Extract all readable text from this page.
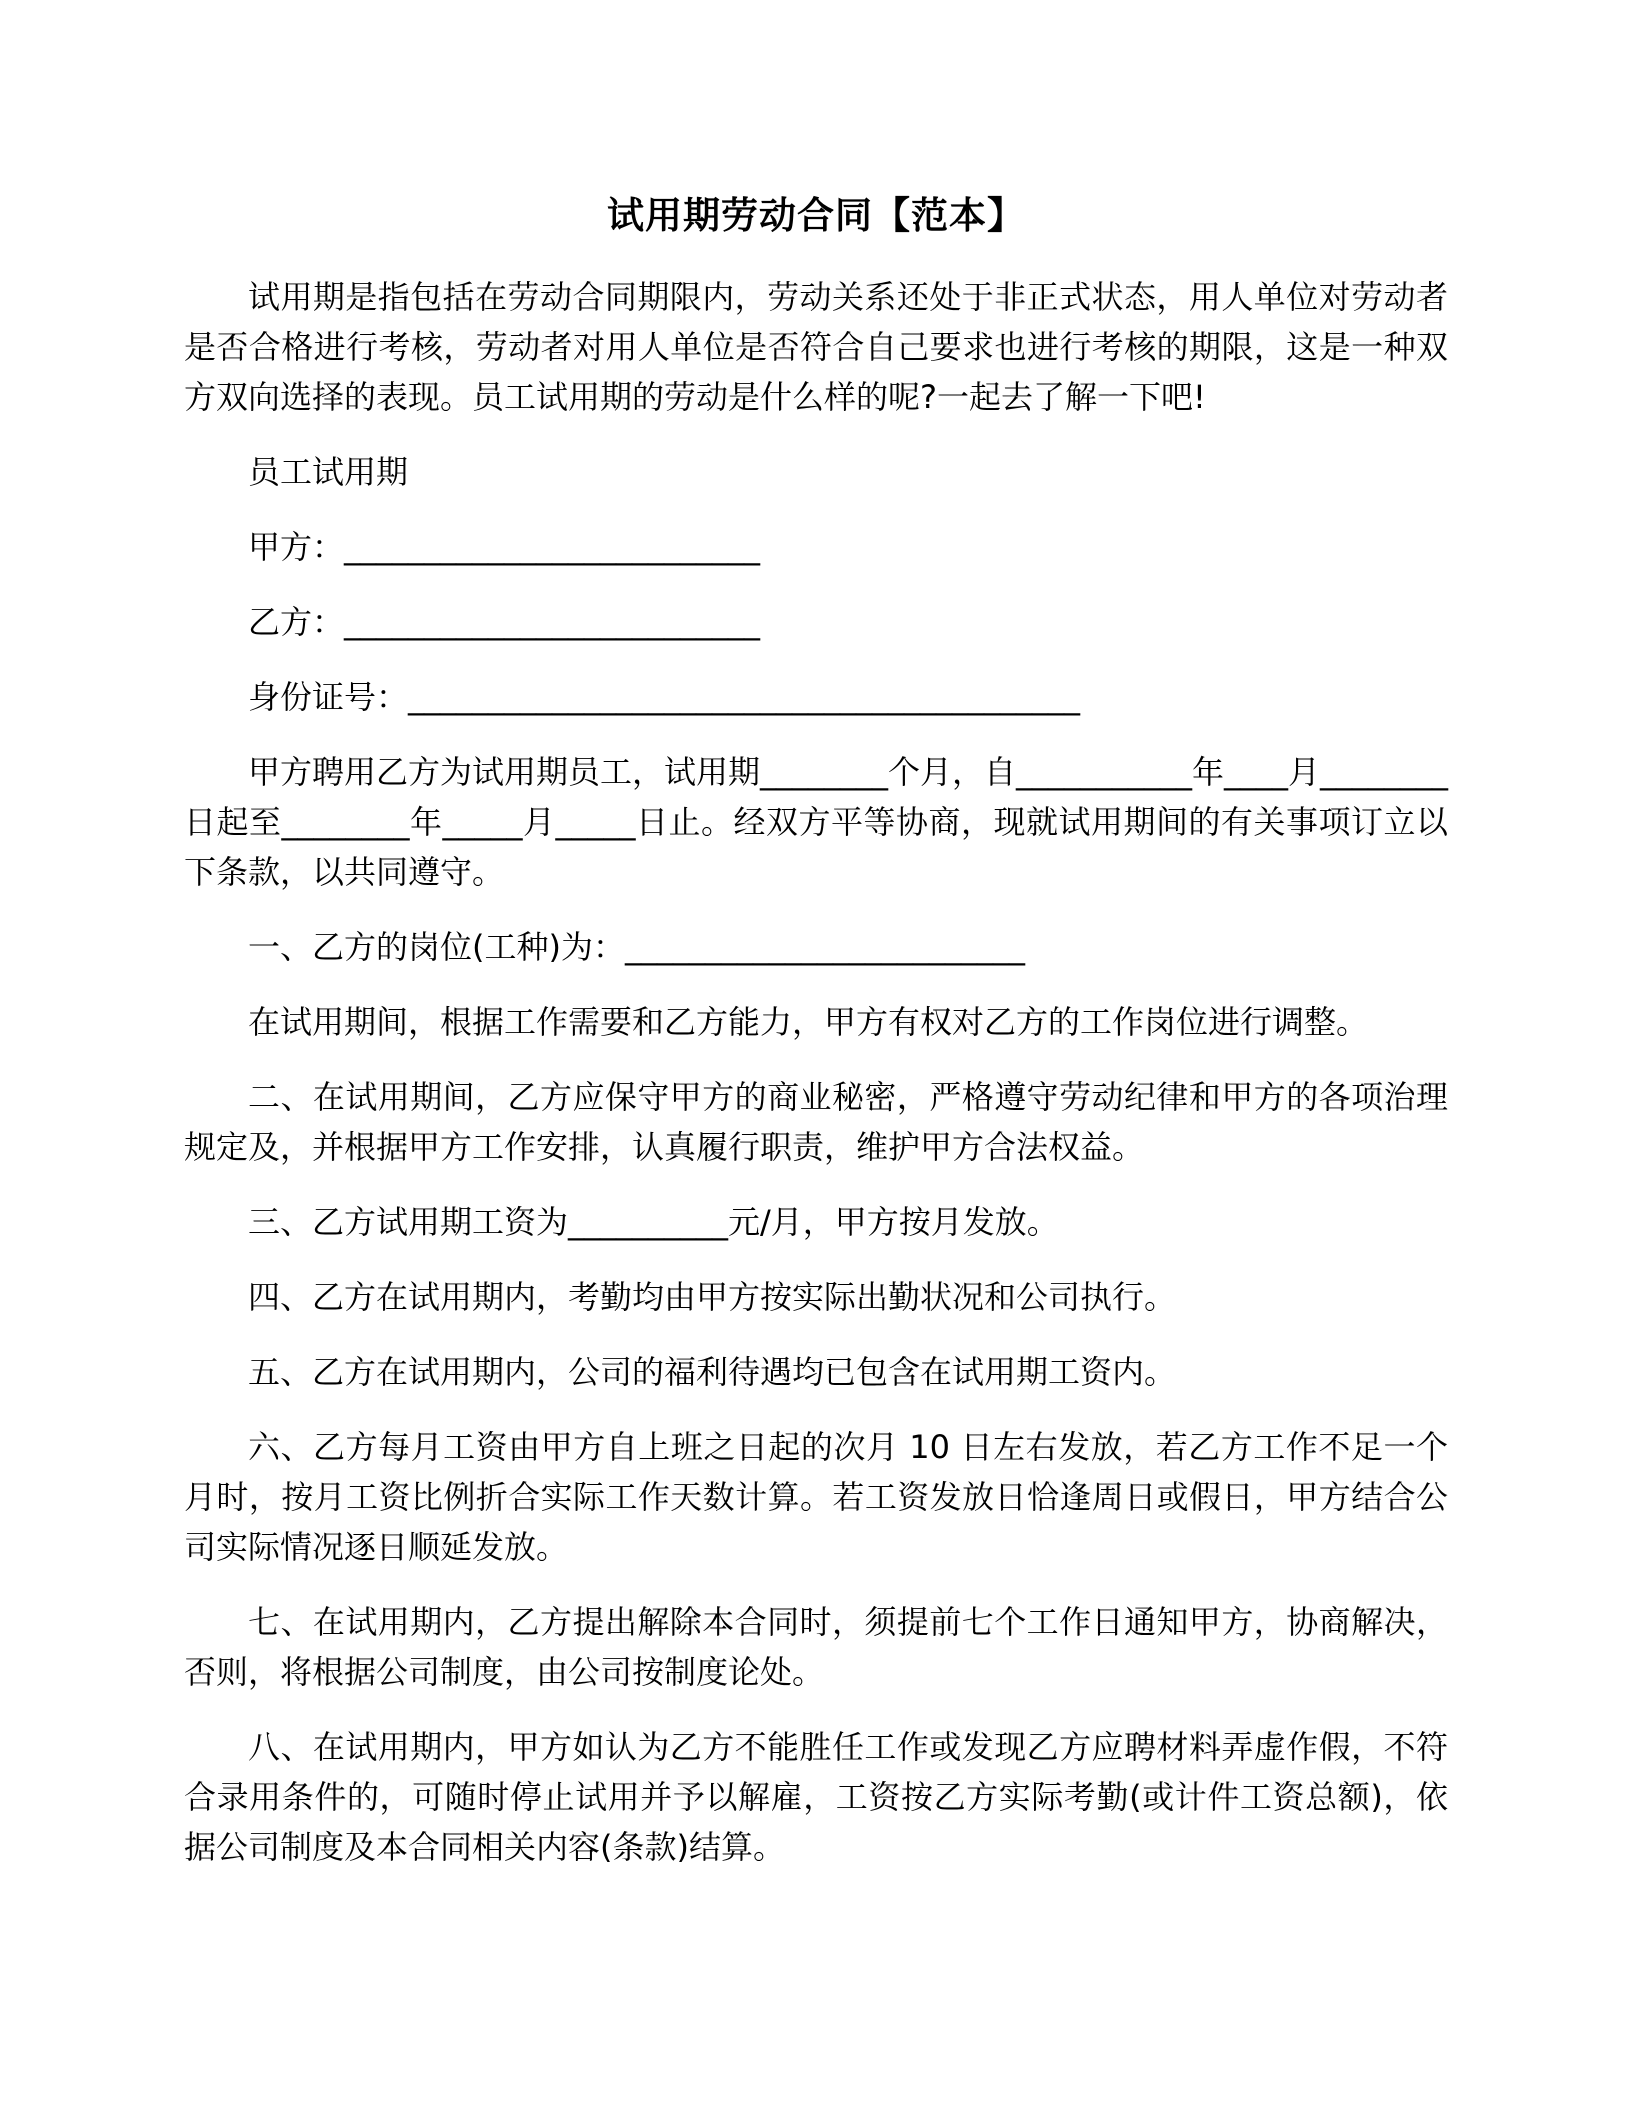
试用期劳动合同【范本】

试用期是指包括在劳动合同期限内，劳动关系还处于非正式状态，用人单位对劳动者是否合格进行考核，劳动者对用人单位是否符合自己要求也进行考核的期限，这是一种双方双向选择的表现。员工试用期的劳动是什么样的呢?一起去了解一下吧!

员工试用期

甲方：__________________________

乙方：__________________________

身份证号：__________________________________________

甲方聘用乙方为试用期员工，试用期________个月，自___________年____月________日起至________年_____月_____日止。经双方平等协商，现就试用期间的有关事项订立以下条款，以共同遵守。

一、乙方的岗位(工种)为：_________________________

在试用期间，根据工作需要和乙方能力，甲方有权对乙方的工作岗位进行调整。

二、在试用期间，乙方应保守甲方的商业秘密，严格遵守劳动纪律和甲方的各项治理规定及，并根据甲方工作安排，认真履行职责，维护甲方合法权益。

三、乙方试用期工资为__________元/月，甲方按月发放。

四、乙方在试用期内，考勤均由甲方按实际出勤状况和公司执行。

五、乙方在试用期内，公司的福利待遇均已包含在试用期工资内。

六、乙方每月工资由甲方自上班之日起的次月 10 日左右发放，若乙方工作不足一个月时，按月工资比例折合实际工作天数计算。若工资发放日恰逢周日或假日，甲方结合公司实际情况逐日顺延发放。

七、在试用期内，乙方提出解除本合同时，须提前七个工作日通知甲方，协商解决，否则，将根据公司制度，由公司按制度论处。

八、在试用期内，甲方如认为乙方不能胜任工作或发现乙方应聘材料弄虚作假，不符合录用条件的，可随时停止试用并予以解雇，工资按乙方实际考勤(或计件工资总额)，依据公司制度及本合同相关内容(条款)结算。
